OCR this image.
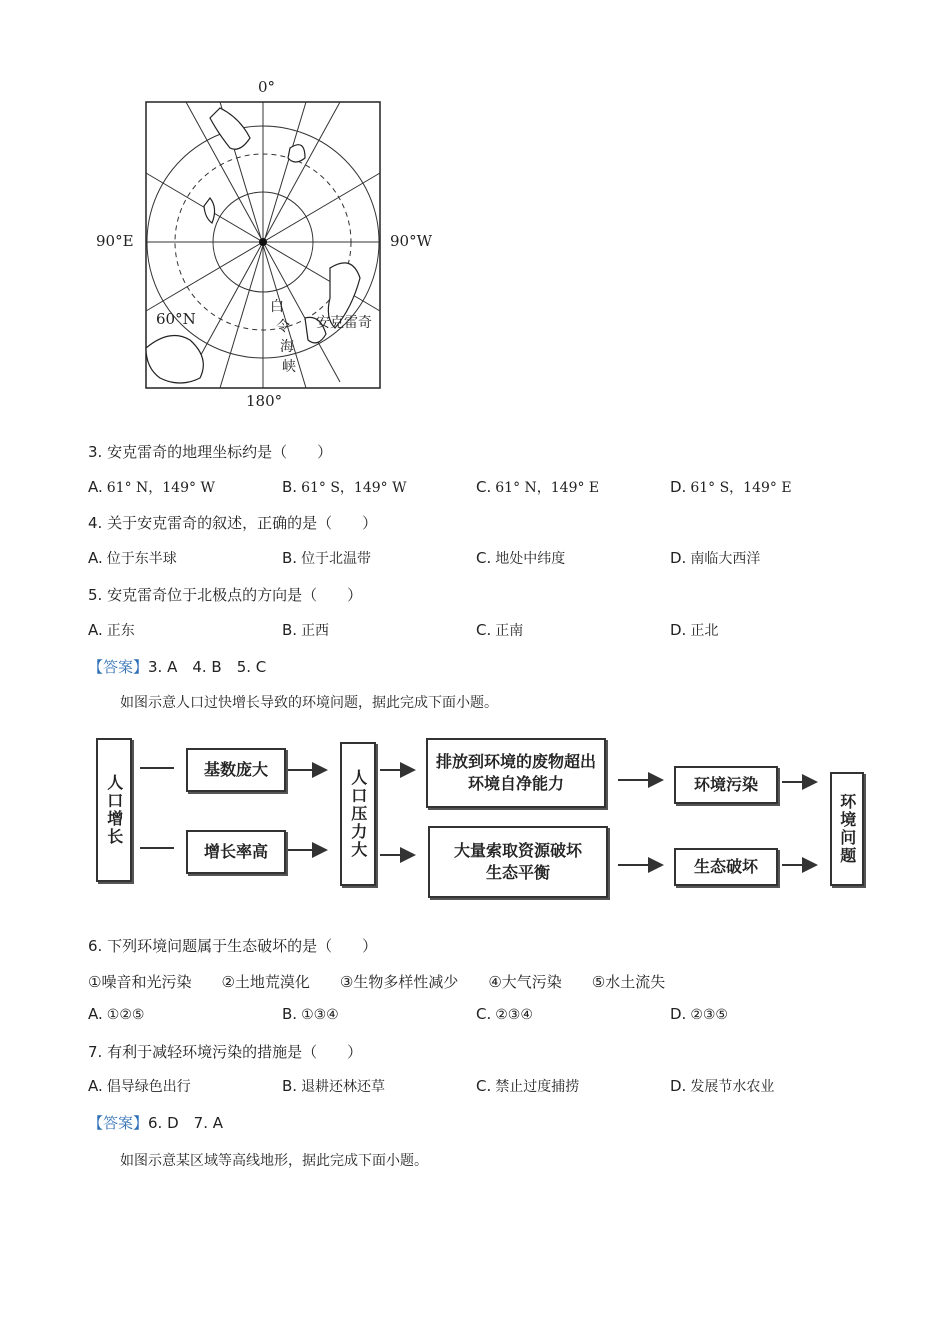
0°
90°E	90°W
180°
60°N
白
令
海
峡
安克雷奇
3. 安克雷奇的地理坐标约是（　　）
A. 61° N，149° W	B. 61° S，149° W	C. 61° N，149° E	D. 61° S，149° E
4. 关于安克雷奇的叙述，正确的是（　　）
A. 位于东半球	B. 位于北温带	C. 地处中纬度	D. 南临大西洋
5. 安克雷奇位于北极点的方向是（　　）
A. 正东	B. 正西	C. 正南	D. 正北
【答案】3. A　4. B　5. C
如图示意人口过快增长导致的环境问题，据此完成下面小题。
人口增长
基数庞大
增长率高	人口压力大
排放到环境的废物超出环境自净能力
大量索取资源破坏生态平衡
环境污染
生态破坏
环境问题
6. 下列环境问题属于生态破坏的是（　　）
①噪音和光污染　　②土地荒漠化　　③生物多样性减少　　④大气污染　　⑤水土流失
A. ①②⑤	B. ①③④	C. ②③④	D. ②③⑤
7. 有利于减轻环境污染的措施是（　　）
A. 倡导绿色出行	B. 退耕还林还草	C. 禁止过度捕捞	D. 发展节水农业
【答案】6. D　7. A
如图示意某区域等高线地形，据此完成下面小题。
